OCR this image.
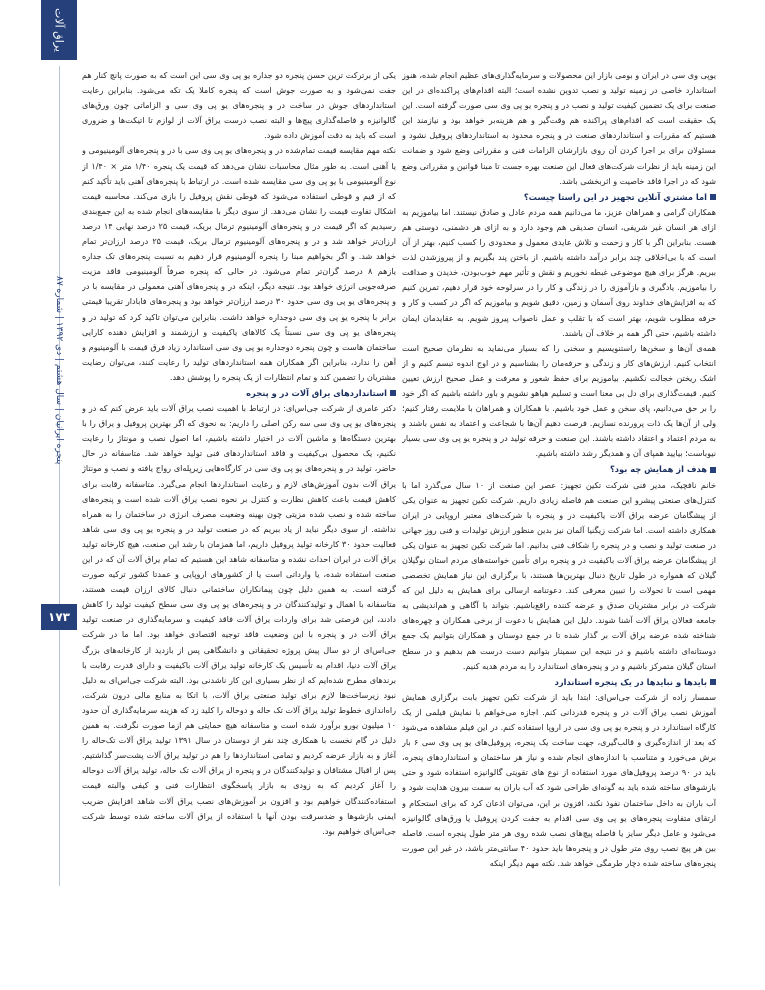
یراق آلات
پنجره ایرانیان | سال هشتم | دی ۱۳۹۲ | شماره ۸۷
۱۷۳

یوپی وی سی در ایران و بومی بازار این محصولات و سرمایه‌گذاری‌های عظیم انجام شده، هنوز استاندارد خاصی در زمینه تولید و نصب تدوین نشده است؛ البته اقدام‌های پراکنده‌ای در این صنعت برای یک تضمین کیفیت تولید و نصب در و پنجره یو پی وی سی صورت گرفته است. این یک حقیقت است که اقدام‌های پراکنده هم وقت‌گیر و هم هزینه‌بر خواهد بود و نیازمند این هستیم که مقررات و استانداردهای صنعت در و پنجره محدود به استانداردهای پروفیل نشود و مسئولان برای بر اجرا کردن آن روی بازارشان الزامات فنی و مقرراتی وضع شود و ضمانت این زمینه باید از نظرات شرکت‌های فعال این صنعت بهره جست تا مبنا قوانین و مقرراتی وضع شود که در اجرا فاقد خاصیت و اثربخشی باشد.

اما مشتریِ آنلاین تجهیز در این راستا چیست؟

همکاران گرامی و همراهان عزیز، ما می‌دانیم همه مردم عادل و صادق نیستند. اما بیاموزیم به ازای هر انسان غیر شریفی، انسان صدیقی هم وجود دارد و به ازای هر دشمنی، دوستی هم هست. بنابراین اگر با کار و زحمت و تلاش عایدی معمول و محدودی را کسب کنیم، بهتر از آن است که با بی‌اخلاقی چند برابر درآمد داشته باشیم. از باختن پند بگیریم و از پیروزشدن لذت ببریم. هرگز برای هیچ موضوعی غبطه نخوریم و نقش و تأثیر مهم خوب‌بودن، خدیدن و صداقت را بیاموزیم. یادگیری و بازآموزی را در زندگی و کار را در سرلوحه خود قرار دهیم، تمرین کنیم که به افزایش‌های خداوند روی آسمان و زمین، دقیق شویم و بیاموزیم که اگر در کسب و کار و حرفه مطلوب شویم، بهتر است که با تقلب و عمل ناصواب پیروز شویم. به عقایدمان ایمان داشته باشیم، حتی اگر همه بر خلاف آن باشند.

همه‌ی آن‌ها و سخن‌ها راستنویسیم و سخنی را که بسیار می‌نماید به نظرمان صحیح است انتخاب کنیم. ارزش‌های کار و زندگی و حرفه‌مان را بشناسیم و در اوج اندوه تبسم کنیم و از اشک ریختن خجالت نکشیم. بیاموزیم برای حفظ شعور و معرفت و عمل صحیح ارزش تعیین کنیم. قیمت‌گذاری برای دل بی معنا است و تسلیم هیاهو نشویم و باور داشته باشیم که اگر خود را بر حق می‌دانیم، پای سخن و عمل خود باشیم. با همکاران و همراهان با ملایمت رفتار کنیم؛ ولی از آن‌ها یک ذات پرورنده نسازیم. فرصت دهیم آن‌ها با شجاعت و اعتماد به نفس باشند و به مردم اعتماد و اعتقاد داشته باشند. این صنعت و حرفه تولید در و پنجره یو پی وی سی بسیار نیوباست؛ بیایید همپای آن و همدیگر رشد داشته باشیم.

هدف از همایش چه بود؟

خانم نافچیک، مدیر فنی شرکت تکین تجهیز: عصر این صنعت از ۱۰ سال می‌گذرد اما با کنترل‌های صنعتی پیشرو این صنعت هم فاصله زیادی داریم. شرکت تکین تجهیز به عنوان یکی از پیشگامان عرضه یراق آلات یاکیفیت در و پنجره با شرکت‌های معتبر اروپایی در ایران همکاری داشته است. اما شرکت زیگنیا آلمان نیز بدین منظور ارزش تولیدات و فنی روز جهانی در صنعت تولید و نصب و در پنجره را شکاف فنی بدانیم. اما شرکت تکین تجهیز به عنوان یکی از پیشگامان عرضه یراق آلات باکیفیت در و پنجره برای تأمین خواسته‌های مردم استان نوگیلان گیلان که همواره در طول تاریخ دنبال بهترین‌ها هستند، با برگزاری این نیاز همایش تخصصی مهمی است تا تحولات را تبیین معرفی کند. دعوتنامه ارسالی برای همایش به دلیل این که شرکت در برابر مشتریان صدق و عرضه کننده راقع‌باشیم. بتواند با آگاهی و هم‌اندیشی به جامعه فعالان یراق آلات آشنا شوند. دلیل این همایش با دعوت از برخی همکاران و چهره‌های شناخته شده عرضه یراق آلات بر گذار شده تا در جمع دوستان و همکاران بتوانیم یک جمع دوستانه‌ای داشته باشیم و در نتیجه این سمینار بتوانیم دست درست هم بدهیم و در سطح استان گیلان متمرکز باشیم و در و پنجره‌های استاندارد را به مردم هدیه کنیم.

بایدها و نبایدها در یک پنجره استاندارد

سمسار زاده از شرکت جی‌اس‌ای: ابتدا باید از شرکت تکین تجهیز بابت برگزاری همایش آموزش نصب یراق آلات در و پنجره قدردانی کنم. اجازه می‌خواهم با نمایش فیلمی از یک کارگاه استاندارد در و پنجره یو پی وی سی در اروپا استفاده کنم. در این فیلم مشاهده می‌شود که بعد از اندازه‌گیری و قالب‌گیری، جهت ساخت یک پنجره، پروفیل‌های یو پی وی سی ۶ بار برش می‌خورد و متناسب با اندازه‌های انجام شده و نیاز هر ساختمان و استانداردهای پنجره، باید در ۹۰ درصد پروفیل‌های مورد استفاده از نوع های تقویتی گالوانیزه استفاده شود و حتی بازشوهای ساخته شده باید به گونه‌ای طراحی شود که آب باران به سمت بیرون هدایت شود و آب باران به داخل ساختمان نفوذ نکند، افزون بر این، می‌توان اذعان کرد که برای استحکام و ارتقای متفاوت پنجره‌های یو پی وی سی اقدام به جفت کردن پروفیل یا ورق‌های گالوانیزه می‌شود و عامل دیگر سایز یا فاصله پیچ‌های نصب شده روی هر متر طول پنجره است. فاصله بین هر پیچ نصب روی متر طول در و پنجره‌ها باید حدود ۴۰ سانتی‌متر باشد، در غیر این صورت پنجره‌های ساخته شده دچار طرمگی خواهد شد. نکته مهم دیگر اینکه

یکی از برترکت ترین حسن پنجره دو جداره یو پی وی سی این است که به صورت پانچ کنار هم جفت نمی‌شود و به صورت جوش است که پنجره کاملا یک تکه می‌شود. بنابراین رعایت استانداردهای جوش در ساخت در و پنجره‌های یو پی وی سی و الزاماتی چون ورق‌های گالوانیزه و فاصله‌گذاری پیچ‌ها و البته نصب درست یراق آلات از لوازم تا اتیکت‌ها و ضروری است که باید به دقت آموزش داده شود.

نکته مهم مقایسه قیمت تمام‌شده در و پنجره‌های یو پی وی سی با در و پنجره‌های آلومینیومی و یا آهنی است. به طور مثال محاسبات نشان می‌دهد که قیمت یک پنجره ۱/۴۰ متر × ۱/۴۰ از نوع آلومینیومی با یو پی وی سی مقایسه شده است. در ارتباط با پنجره‌های آهنی باید تأکید کنم که از قیم و قوطی استفاده می‌شود که قوطی نقش پروفیل را بازی می‌کند. محاسبه قیمت اشکال تفاوت قیمت را نشان می‌دهد. از سوی دیگر با مقایسه‌های انجام شده به این جمع‌بندی رسیدیم که اگر قیمت در و پنجره‌های آلومینیوم ترمال بریک، قیمت ۲۵ درصد نهایی ۱۴ درصد ارزان‌تر خواهد شد و در و پنجره‌های آلومینیوم ترمال بریک، قیمت ۲۵ درصد ارزان‌تر تمام خواهد شد. و اگر بخواهیم مبنا را پنجره آلومینیوم قرار دهیم به نسبت پنجره‌های تک جداره یازهم ۸ درصد گران‌تر تمام می‌شود. در حالی که پنجره صرفاً آلومینیومی فاقد مزیت صرفه‌جویی انرژی خواهد بود. نتیجه دیگر، اینکه در و پنجره‌های آهنی معمولی در مقایسه با در و پنجره‌های یو پی وی سی حدود ۳۰ درصد ارزان‌تر خواهد بود و پنجره‌های فابادار تقریبا قیمتی برابر با پنجره یو پی وی سی دوجداره خواهد داشت. بنابراین می‌توان تاکید کرد که تولید در و پنجره‌های یو پی وی سی نسبتاً یک کالاهای یاکیفیت و ارزشمند و افزایش دهنده کارایی ساختمان هاست و چون پنجره دوجداره یو پی وی سی استاندارد زیاد فرق قیمت با آلومینیوم و آهن را ندارد، بنابراین اگر همکاران همه استانداردهای تولید را رعایت کنند، می‌توان رضایت مشتریان را تضمین کند و تمام انتظارات از یک پنجره را پوشش دهد.

استانداردهای یراق آلات در و پنجره

دکتر عامری از شرکت جی‌اس‌ای: در ارتباط با اهمیت نصب یراق آلات باید عرض کنم که در و پنجره‌های یو پی وی سی سه رکن اصلی را داریم: به نحوی که اگر بهترین پروفیل و یراق را با بهترین دستگاه‌ها و ماشین آلات در اختیار داشته باشیم، اما اصول نصب و مونتاژ را رعایت نکنیم، یک محصول بی‌کیفیت و فاقد استانداردهای فنی تولید خواهد شد. متاسفانه در حال حاضر، تولید در و پنجره‌های یو پی وی سی در کارگاه‌هایی زیرپله‌ای رواج یافته و نصب و مونتاژ یراق آلات بدون آموزش‌های لازم و رعایت استانداردها انجام می‌گیرد. متاسفانه رقابت برای کاهش قیمت باعث کاهش نظارت و کنترل بر نحوه نصب یراق آلات شده است و پنجره‌های ساخته شده و نصب شده مزیتی چون بهینه وضعیت مصرف انرژی در ساختمان را به همراه نداشته. از سوی دیگر نباید از یاد ببریم که در صنعت تولید در و پنجره یو پی وی سی شاهد فعالیت حدود ۳۰ کارخانه تولید پروفیل داریم، اما همزمان با رشد این صنعت، هیچ کارخانه تولید یراق آلات در ایران احداث نشده و متاسفانه شاهد این هستیم که تمام یراق آلات آن که در این صنعت استفاده شده، یا وارداتی است یا از کشورهای اروپایی و عمدتا کشور ترکیه صورت گرفته است. به همین دلیل چون پیمانکاران ساختمانی دنبال کالای ارزان قیمت هستند، متاسفانه با اهمال و تولیدکنندگان در و پنجره‌های یو پی وی سی سطح کیفیت تولید را کاهش دادند، این فرصتی شد برای واردات یراق آلات فاقد کیفیت و سرمایه‌گذاری در صنعت تولید یراق آلات در و پنجره با این وضعیت فاقد توجیه اقتصادی خواهد بود. اما ما در شرکت جی‌اس‌ای از دو سال پیش پروژه تحقیقاتی و دانشگاهی پس از بازدید از کارخانه‌های بزرگ یراق آلات دنیا، اقدام به تأسیس یک کارخانه تولید یراق آلات باکیفیت و دارای قدرت رقابت با برندهای مطرح شده‌ایم که از نظر بسیاری این کار ناشدنی بود. البته شرکت جی‌اس‌ای به دلیل نبود زیرساخت‌ها لازم برای تولید صنعتی یراق آلات، با اتکا به منابع مالی درون شرکت، راه‌اندازی خطوط تولید یراق آلات تک حاله و دوحاله را کلید زد که هزینه سرمایه‌گذاری آن حدود ۱۰ میلیون یورو برآورد شده است و متاسفانه هیچ حمایتی هم ازما صورت نگرفت. به همین دلیل در گام نخست با همکاری چند نفر از دوستان در سال ۱۳۹۱ تولید یراق آلات تک‌حاله را آغاز و به بازار عرضه کردیم و تمامی استانداردها را هم در تولید یراق آلات پشت‌سر گذاشتیم. پس از اقبال مشتاقان و تولیدکنندگان در و پنجره از یراق آلات تک حاله، تولید یراق آلات دوحاله را آغاز کردیم که به زودی به بازار پاسخگوی انتظارات فنی و کیفی والبته قیمت استفاده‌کنندگان خواهیم بود و افزون بر آموزش‌های نصب یراق آلات شاهد افزایش ضریب ایمنی بازشوها و ضدسرقت بودن آنها با استفاده از یراق آلات ساخته شده توسط شرکت جی‌اس‌ای خواهیم بود.
